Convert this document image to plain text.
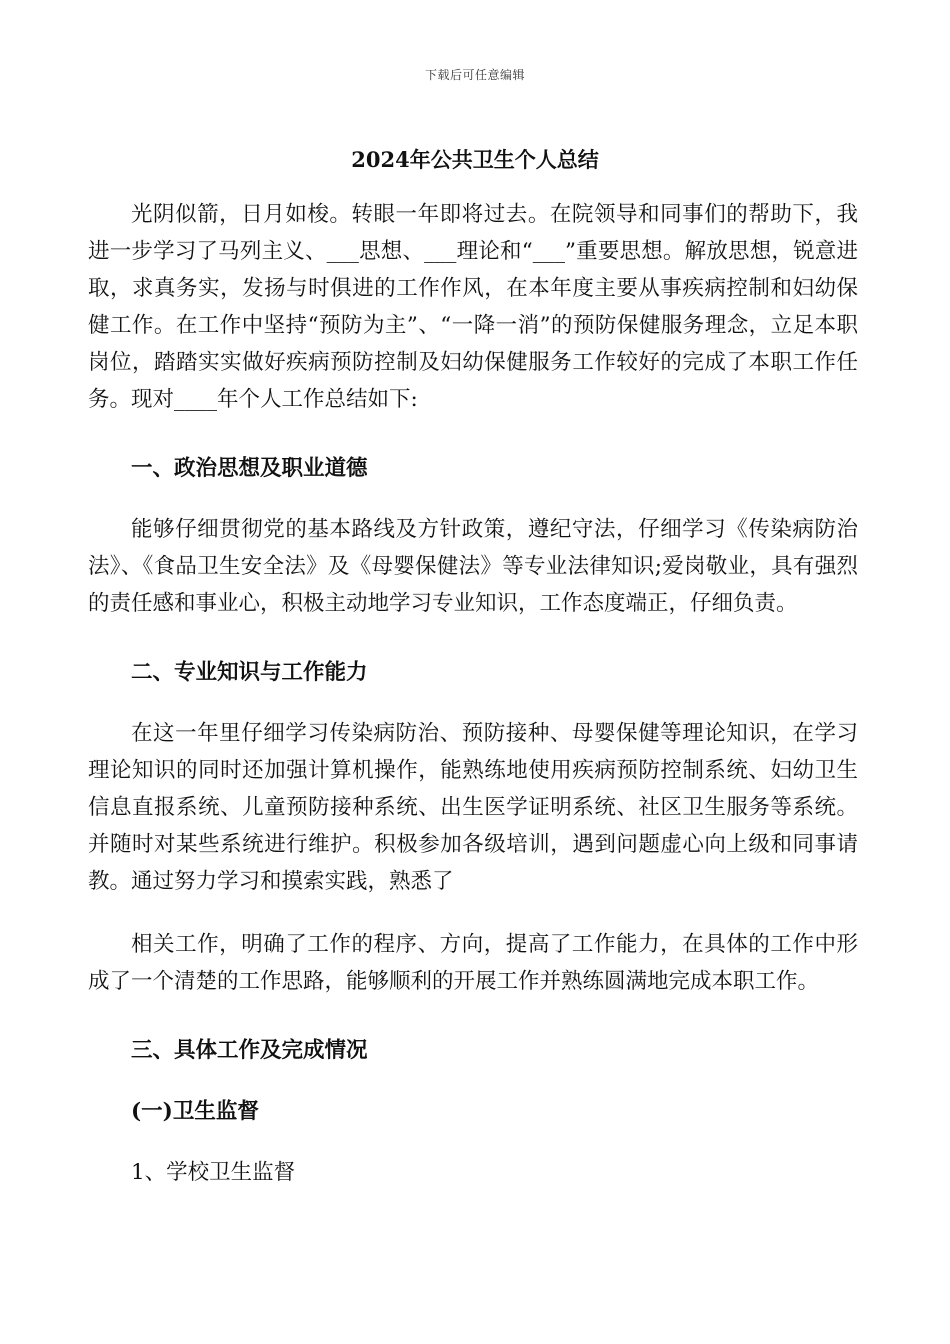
下载后可任意编辑
2024年公共卫生个人总结

光阴似箭，日月如梭。转眼一年即将过去。在院领导和同事们的帮助下，我进一步学习了马列主义、___思想、___理论和“___”重要思想。解放思想，锐意进取，求真务实，发扬与时俱进的工作作风，在本年度主要从事疾病控制和妇幼保健工作。在工作中坚持“预防为主”、“一降一消”的预防保健服务理念，立足本职岗位，踏踏实实做好疾病预防控制及妇幼保健服务工作较好的完成了本职工作任务。现对____年个人工作总结如下:

一、政治思想及职业道德

能够仔细贯彻党的基本路线及方针政策，遵纪守法，仔细学习《传染病防治法》、《食品卫生安全法》及《母婴保健法》等专业法律知识;爱岗敬业，具有强烈的责任感和事业心，积极主动地学习专业知识，工作态度端正，仔细负责。

二、专业知识与工作能力

在这一年里仔细学习传染病防治、预防接种、母婴保健等理论知识，在学习理论知识的同时还加强计算机操作，能熟练地使用疾病预防控制系统、妇幼卫生信息直报系统、儿童预防接种系统、出生医学证明系统、社区卫生服务等系统。并随时对某些系统进行维护。积极参加各级培训，遇到问题虚心向上级和同事请教。通过努力学习和摸索实践，熟悉了

相关工作，明确了工作的程序、方向，提高了工作能力，在具体的工作中形成了一个清楚的工作思路，能够顺利的开展工作并熟练圆满地完成本职工作。

三、具体工作及完成情况

(一)卫生监督

1、学校卫生监督
